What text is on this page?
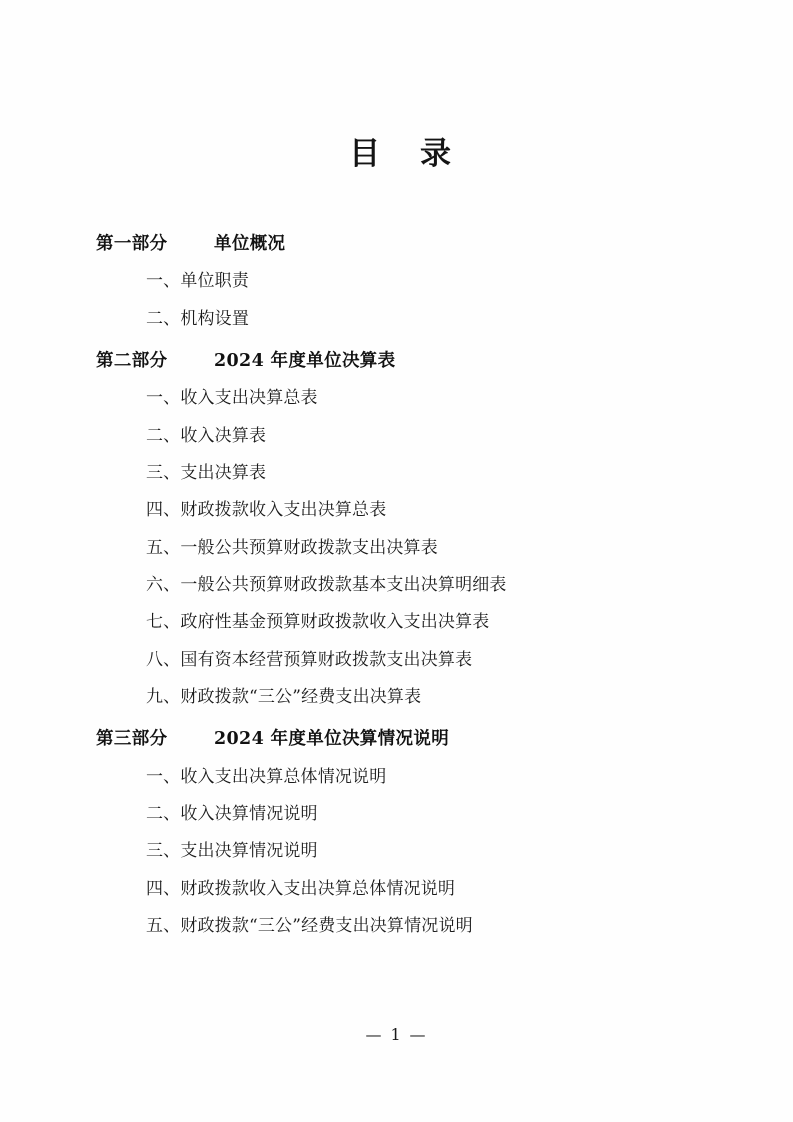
目 录
第一部分	单位概况
一、单位职责
二、机构设置
第二部分	2024 年度单位决算表
一、收入支出决算总表
二、收入决算表
三、支出决算表
四、财政拨款收入支出决算总表
五、一般公共预算财政拨款支出决算表
六、一般公共预算财政拨款基本支出决算明细表
七、政府性基金预算财政拨款收入支出决算表
八、国有资本经营预算财政拨款支出决算表
九、财政拨款“三公”经费支出决算表
第三部分	2024 年度单位决算情况说明
一、收入支出决算总体情况说明
二、收入决算情况说明
三、支出决算情况说明
四、财政拨款收入支出决算总体情况说明
五、财政拨款“三公”经费支出决算情况说明
— 1 —
